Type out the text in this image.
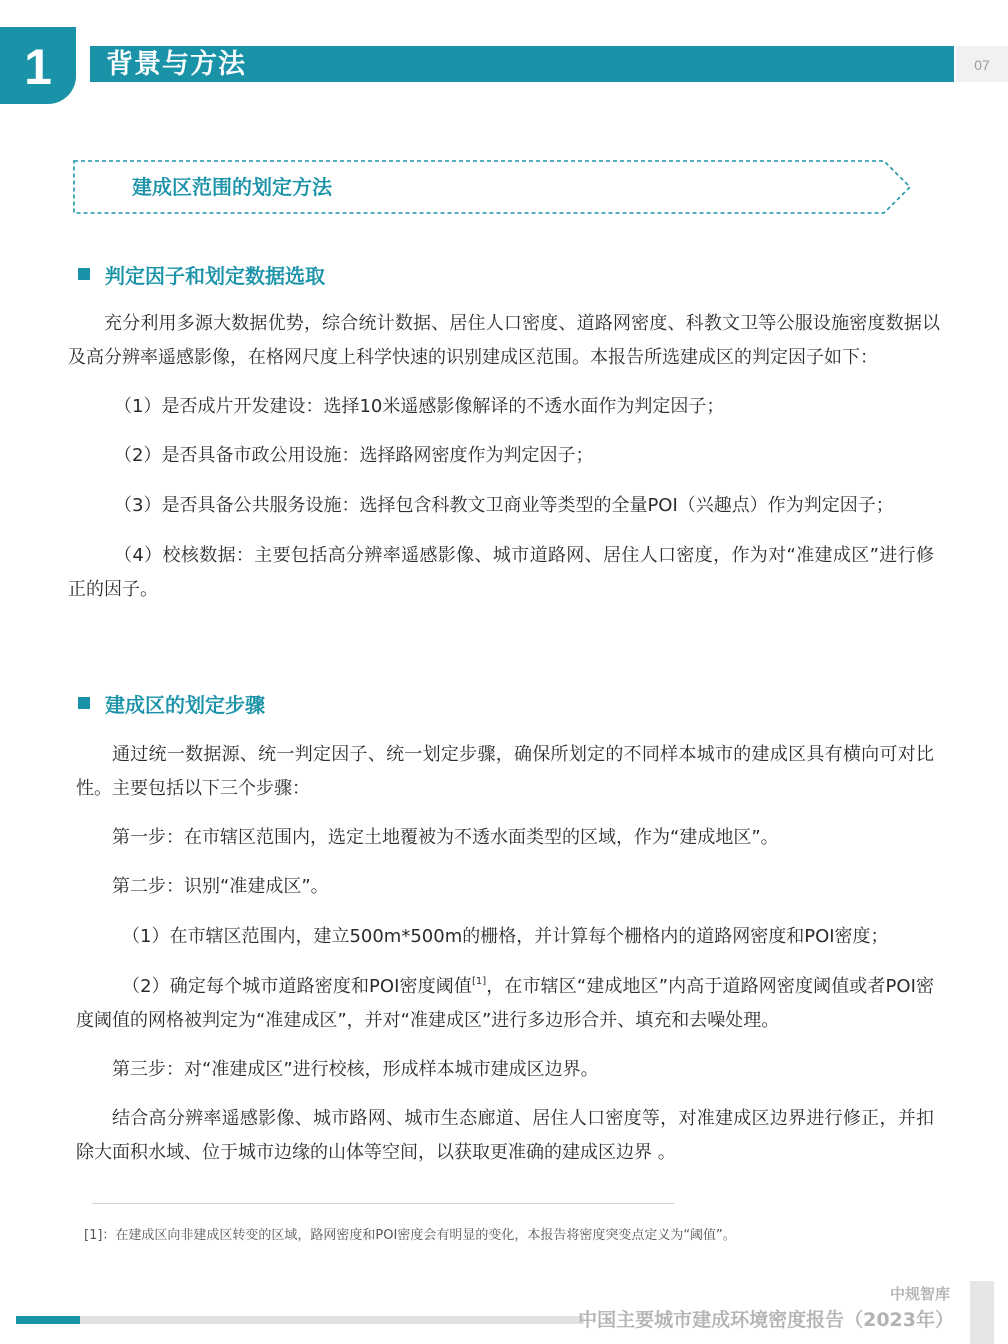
1	背景与方法	07
建成区范围的划定方法
判定因子和划定数据选取
充分利用多源大数据优势，综合统计数据、居住人口密度、道路网密度、科教文卫等公服设施密度数据以及高分辨率遥感影像，在格网尺度上科学快速的识别建成区范围。本报告所选建成区的判定因子如下：
（1）是否成片开发建设：选择10米遥感影像解译的不透水面作为判定因子；
（2）是否具备市政公用设施：选择路网密度作为判定因子；
（3）是否具备公共服务设施：选择包含科教文卫商业等类型的全量POI（兴趣点）作为判定因子；
（4）校核数据：主要包括高分辨率遥感影像、城市道路网、居住人口密度，作为对“准建成区”进行修正的因子。
建成区的划定步骤
通过统一数据源、统一判定因子、统一划定步骤，确保所划定的不同样本城市的建成区具有横向可对比性。主要包括以下三个步骤：
第一步：在市辖区范围内，选定土地覆被为不透水面类型的区域，作为“建成地区”。
第二步：识别“准建成区”。
（1）在市辖区范围内，建立500m*500m的栅格，并计算每个栅格内的道路网密度和POI密度；
（2）确定每个城市道路密度和POI密度阈值[1]，在市辖区“建成地区”内高于道路网密度阈值或者POI密度阈值的网格被判定为“准建成区”，并对“准建成区”进行多边形合并、填充和去噪处理。
第三步：对“准建成区”进行校核，形成样本城市建成区边界。
结合高分辨率遥感影像、城市路网、城市生态廊道、居住人口密度等，对准建成区边界进行修正，并扣除大面积水域、位于城市边缘的山体等空间，以获取更准确的建成区边界 。
[1]：在建成区向非建成区转变的区域，路网密度和POI密度会有明显的变化，本报告将密度突变点定义为“阈值”。
中规智库
中国主要城市建成环境密度报告（2023年）
